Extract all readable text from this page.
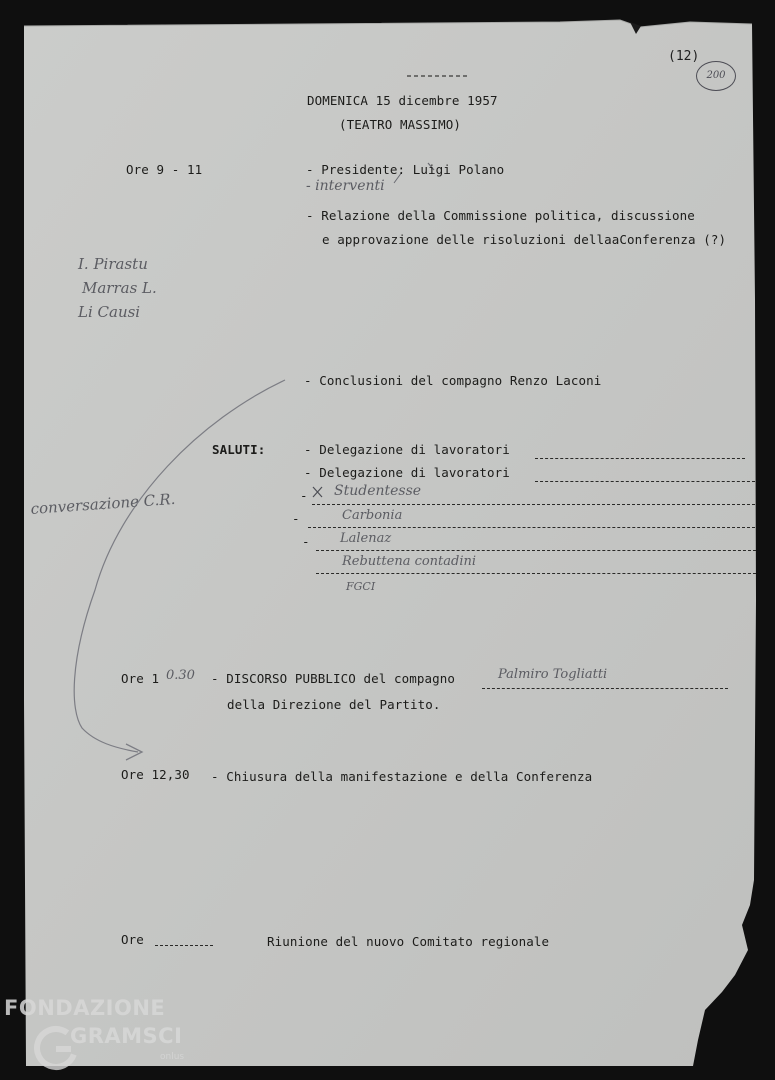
(12)
200
DOMENICA 15 dicembre 1957
(TEATRO MASSIMO)
Ore 9 - 11	- Presidente: Luigi Polano
- interventi
- Relazione della Commissione politica, discussione
e approvazione delle risoluzioni dellaaConferenza (?)
I. Pirastu
Marras L.
Li Causi
- Conclusioni del compagno Renzo Laconi
SALUTI:	- Delegazione di lavoratori
- Delegazione di lavoratori
- Studentesse
-	Carbonia
- Lalenaz
Rebuttena contadini
FGCI
conversazione C.R.
Ore 1 0.30 - DISCORSO PUBBLICO del compagno	Palmiro Togliatti
della Direzione del Partito.
Ore 12,30 - Chiusura della manifestazione e della Conferenza
Ore	Riunione del nuovo Comitato regionale
FONDAZIONE
GRAMSCI
onlus
